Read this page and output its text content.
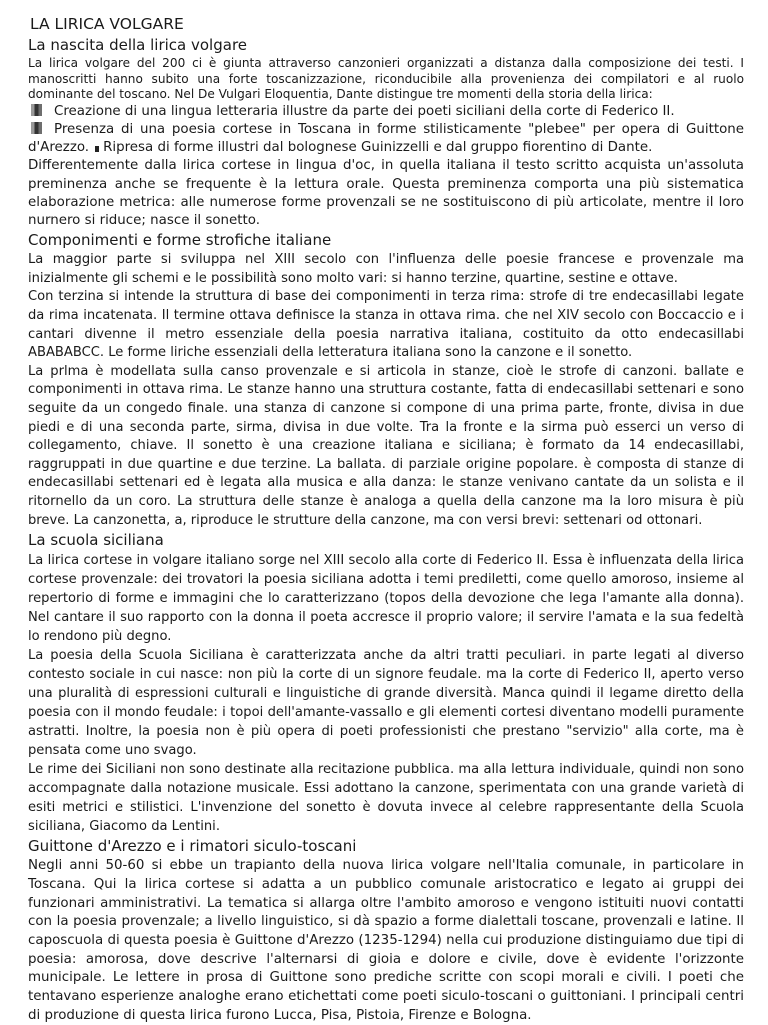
LA LIRICA VOLGARE
La nascita della lirica volgare

La lirica volgare del 200 ci è giunta attraverso canzonieri organizzati a distanza dalla composizione dei testi. I manoscritti hanno subito una forte toscanizzazione, riconducibile alla provenienza dei compilatori e al ruolo dominante del toscano. Nel De Vulgari Eloquentia, Dante distingue tre momenti della storia della lirica:

Creazione di una lingua letteraria illustre da parte dei poeti siciliani della corte di Federico II.

Presenza di una poesia cortese in Toscana in forme stilisticamente "plebee" per opera di Guittone d'Arezzo. Ripresa di forme illustri dal bolognese Guinizzelli e dal gruppo fiorentino di Dante.

Differentemente dalla lirica cortese in lingua d'oc, in quella italiana il testo scritto acquista un'assoluta preminenza anche se frequente è la lettura orale. Questa preminenza comporta una più sistematica elaborazione metrica: alle numerose forme provenzali se ne sostituiscono di più articolate, mentre il loro nurnero si riduce; nasce il sonetto.

Componimenti e forme strofiche italiane

La maggior parte si sviluppa nel XIII secolo con l'influenza delle poesie francese e provenzale ma inizialmente gli schemi e le possibilità sono molto vari: si hanno terzine, quartine, sestine e ottave.

Con terzina si intende la struttura di base dei componimenti in terza rima: strofe di tre endecasillabi legate da rima incatenata. Il termine ottava definisce la stanza in ottava rima. che nel XIV secolo con Boccaccio e i cantari divenne il metro essenziale della poesia narrativa italiana, costituito da otto endecasillabi ABABABCC. Le forme liriche essenziali della letteratura italiana sono la canzone e il sonetto.

La prlma è modellata sulla canso provenzale e si articola in stanze, cioè le strofe di canzoni. ballate e componimenti in ottava rima. Le stanze hanno una struttura costante, fatta di endecasillabi settenari e sono seguite da un congedo finale. una stanza di canzone si compone di una prima parte, fronte, divisa in due piedi e di una seconda parte, sirma, divisa in due volte. Tra la fronte e la sirma può esserci un verso di collegamento, chiave. Il sonetto è una creazione italiana e siciliana; è formato da 14 endecasillabi, raggruppati in due quartine e due terzine. La ballata. di parziale origine popolare. è composta di stanze di endecasillabi settenari ed è legata alla musica e alla danza: le stanze venivano cantate da un solista e il ritornello da un coro. La struttura delle stanze è analoga a quella della canzone ma la loro misura è più breve. La canzonetta, a, riproduce le strutture della canzone, ma con versi brevi: settenari od ottonari.

La scuola siciliana

La lirica cortese in volgare italiano sorge nel XIII secolo alla corte di Federico II. Essa è influenzata della lirica cortese provenzale: dei trovatori la poesia siciliana adotta i temi prediletti, come quello amoroso, insieme al repertorio di forme e immagini che lo caratterizzano (topos della devozione che lega l'amante alla donna). Nel cantare il suo rapporto con la donna il poeta accresce il proprio valore; il servire l'amata e la sua fedeltà lo rendono più degno.

La poesia della Scuola Siciliana è caratterizzata anche da altri tratti peculiari. in parte legati al diverso contesto sociale in cui nasce: non più la corte di un signore feudale. ma la corte di Federico II, aperto verso una pluralità di espressioni culturali e linguistiche di grande diversità. Manca quindi il legame diretto della poesia con il mondo feudale: i topoi dell'amante-vassallo e gli elementi cortesi diventano modelli puramente astratti. Inoltre, la poesia non è più opera di poeti professionisti che prestano "servizio" alla corte, ma è pensata come uno svago.

Le rime dei Siciliani non sono destinate alla recitazione pubblica. ma alla lettura individuale, quindi non sono accompagnate dalla notazione musicale. Essi adottano la canzone, sperimentata con una grande varietà di esiti metrici e stilistici. L'invenzione del sonetto è dovuta invece al celebre rappresentante della Scuola siciliana, Giacomo da Lentini.

Guittone d'Arezzo e i rimatori siculo-toscani

Negli anni 50-60 si ebbe un trapianto della nuova lirica volgare nell'Italia comunale, in particolare in Toscana. Qui la lirica cortese si adatta a un pubblico comunale aristocratico e legato ai gruppi dei funzionari amministrativi. La tematica si allarga oltre l'ambito amoroso e vengono istituiti nuovi contatti con la poesia provenzale; a livello linguistico, si dà spazio a forme dialettali toscane, provenzali e latine. Il caposcuola di questa poesia è Guittone d'Arezzo (1235-1294) nella cui produzione distinguiamo due tipi di poesia: amorosa, dove descrive l'alternarsi di gioia e dolore e civile, dove è evidente l'orizzonte municipale. Le lettere in prosa di Guittone sono prediche scritte con scopi morali e civili. I poeti che tentavano esperienze analoghe erano etichettati come poeti siculo-toscani o guittoniani. I principali centri di produzione di questa lirica furono Lucca, Pisa, Pistoia, Firenze e Bologna.
